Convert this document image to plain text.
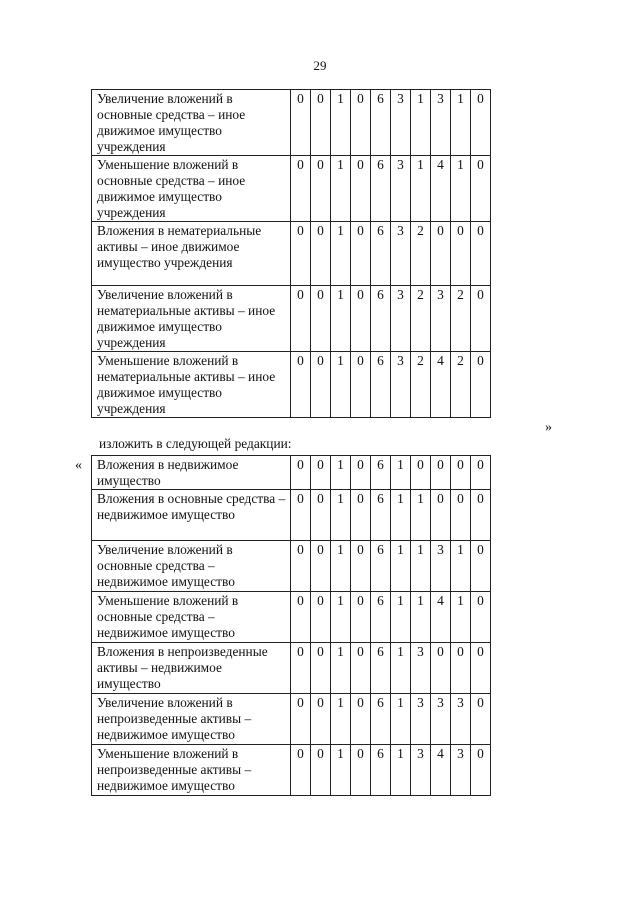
29
Увеличение вложений в основные средства – иное движимое имущество учреждения	0	0	1	0	6	3	1	3	1	0
Уменьшение вложений в основные средства – иное движимое имущество учреждения	0	0	1	0	6	3	1	4	1	0
Вложения в нематериальные активы – иное движимое имущество учреждения	0	0	1	0	6	3	2	0	0	0
Увеличение вложений в нематериальные активы – иное движимое имущество учреждения	0	0	1	0	6	3	2	3	2	0
Уменьшение вложений в нематериальные активы – иное движимое имущество учреждения	0	0	1	0	6	3	2	4	2	0
»
изложить в следующей редакции:
« Вложения в недвижимое имущество	0	0	1	0	6	1	0	0	0	0
Вложения в основные средства – недвижимое имущество	0	0	1	0	6	1	1	0	0	0
Увеличение вложений в основные средства – недвижимое имущество	0	0	1	0	6	1	1	3	1	0
Уменьшение вложений в основные средства – недвижимое имущество	0	0	1	0	6	1	1	4	1	0
Вложения в непроизведенные активы – недвижимое имущество	0	0	1	0	6	1	3	0	0	0
Увеличение вложений в непроизведенные активы – недвижимое имущество	0	0	1	0	6	1	3	3	3	0
Уменьшение вложений в непроизведенные активы – недвижимое имущество	0	0	1	0	6	1	3	4	3	0
